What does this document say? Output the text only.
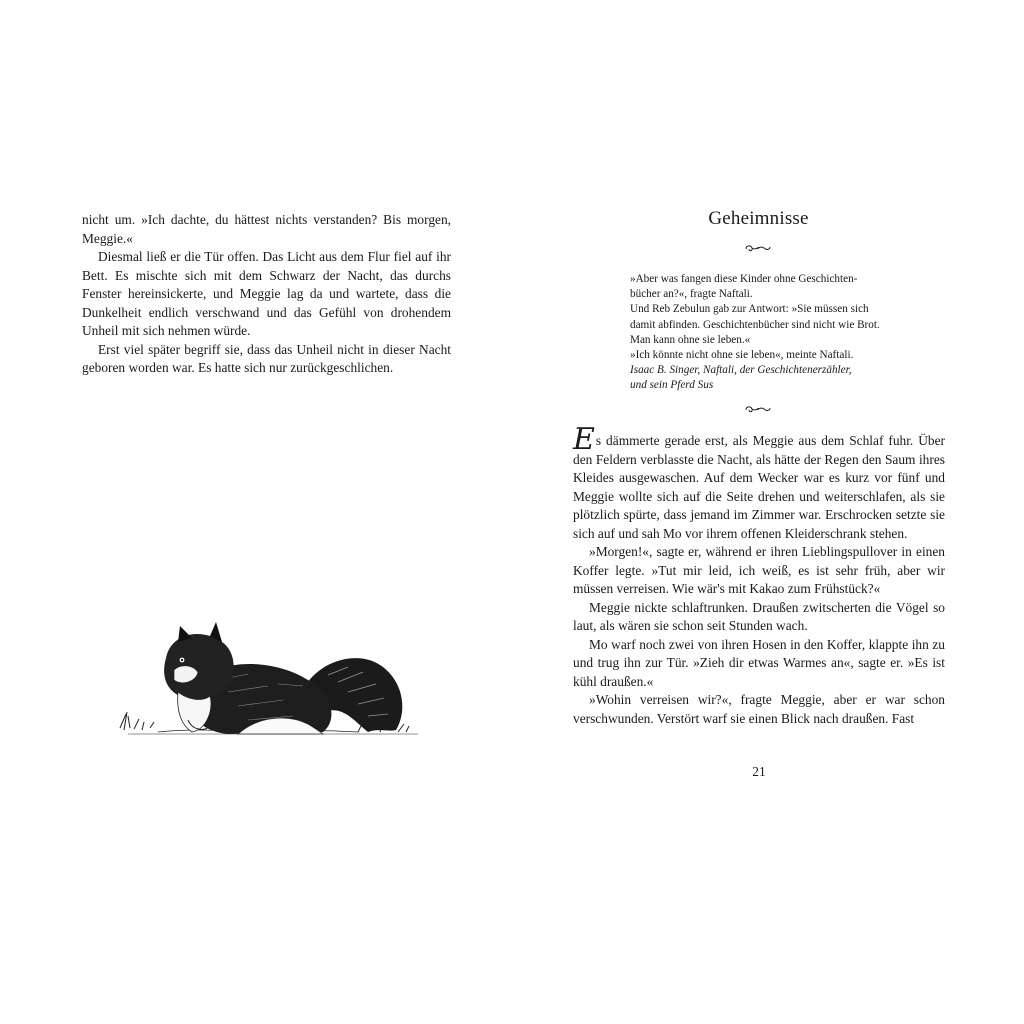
nicht um. »Ich dachte, du hättest nichts verstanden? Bis morgen, Meggie.«

Diesmal ließ er die Tür offen. Das Licht aus dem Flur fiel auf ihr Bett. Es mischte sich mit dem Schwarz der Nacht, das durchs Fenster hereinsickerte, und Meggie lag da und wartete, dass die Dunkelheit endlich verschwand und das Gefühl von drohendem Unheil mit sich nehmen würde.

Erst viel später begriff sie, dass das Unheil nicht in dieser Nacht geboren worden war. Es hatte sich nur zurückgeschlichen.

Geheimnisse
»Aber was fangen diese Kinder ohne Geschichten-
bücher an?«, fragte Naftali.
Und Reb Zebulun gab zur Antwort: »Sie müssen sich
damit abfinden. Geschichtenbücher sind nicht wie Brot.
Man kann ohne sie leben.«
»Ich könnte nicht ohne sie leben«, meinte Naftali.
Isaac B. Singer, Naftali, der Geschichtenerzähler,
und sein Pferd Sus

Es dämmerte gerade erst, als Meggie aus dem Schlaf fuhr. Über den Feldern verblasste die Nacht, als hätte der Regen den Saum ihres Kleides ausgewaschen. Auf dem Wecker war es kurz vor fünf und Meggie wollte sich auf die Seite drehen und weiterschlafen, als sie plötzlich spürte, dass jemand im Zimmer war. Erschrocken setzte sie sich auf und sah Mo vor ihrem offenen Kleiderschrank stehen.

»Morgen!«, sagte er, während er ihren Lieblingspullover in einen Koffer legte. »Tut mir leid, ich weiß, es ist sehr früh, aber wir müssen verreisen. Wie wär's mit Kakao zum Frühstück?«

Meggie nickte schlaftrunken. Draußen zwitscherten die Vögel so laut, als wären sie schon seit Stunden wach.

Mo warf noch zwei von ihren Hosen in den Koffer, klappte ihn zu und trug ihn zur Tür. »Zieh dir etwas Warmes an«, sagte er. »Es ist kühl draußen.«

»Wohin verreisen wir?«, fragte Meggie, aber er war schon verschwunden. Verstört warf sie einen Blick nach draußen. Fast

21
